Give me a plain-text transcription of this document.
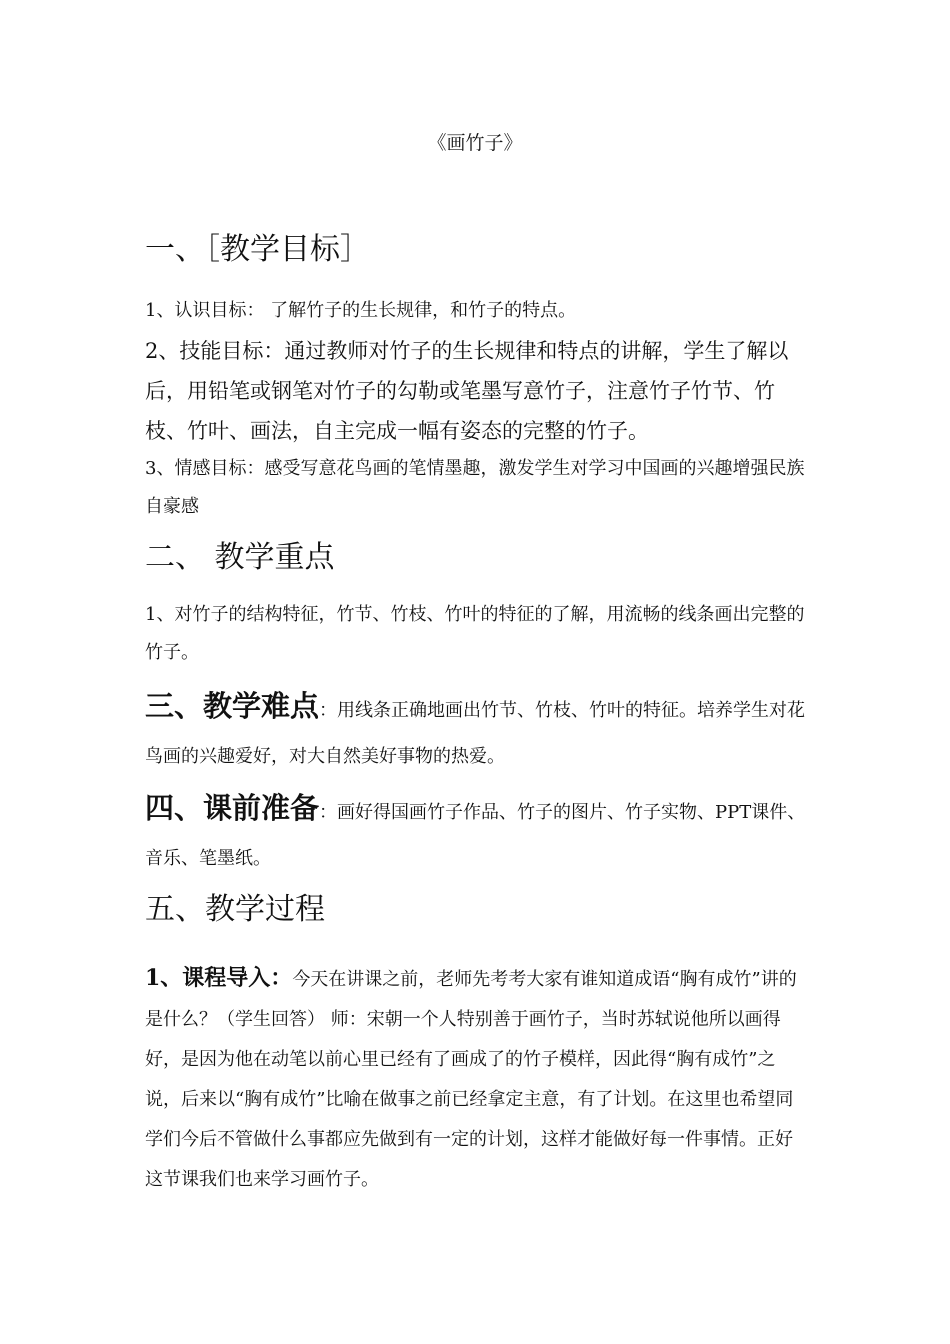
《画竹子》
一、［教学目标］
1、认识目标： 了解竹子的生长规律，和竹子的特点。
2、技能目标：通过教师对竹子的生长规律和特点的讲解，学生了解以后，用铅笔或钢笔对竹子的勾勒或笔墨写意竹子，注意竹子竹节、竹枝、竹叶、画法，自主完成一幅有姿态的完整的竹子。
3、情感目标：感受写意花鸟画的笔情墨趣，激发学生对学习中国画的兴趣增强民族自豪感
二、 教学重点
1、对竹子的结构特征，竹节、竹枝、竹叶的特征的了解，用流畅的线条画出完整的竹子。
三、教学难点：用线条正确地画出竹节、竹枝、竹叶的特征。培养学生对花鸟画的兴趣爱好，对大自然美好事物的热爱。
四、课前准备：画好得国画竹子作品、竹子的图片、竹子实物、PPT课件、音乐、笔墨纸。
五、教学过程
1、课程导入：今天在讲课之前，老师先考考大家有谁知道成语“胸有成竹”讲的是什么？（学生回答） 师：宋朝一个人特别善于画竹子，当时苏轼说他所以画得好，是因为他在动笔以前心里已经有了画成了的竹子模样，因此得“胸有成竹”之说，后来以“胸有成竹”比喻在做事之前已经拿定主意，有了计划。在这里也希望同学们今后不管做什么事都应先做到有一定的计划，这样才能做好每一件事情。正好这节课我们也来学习画竹子。
